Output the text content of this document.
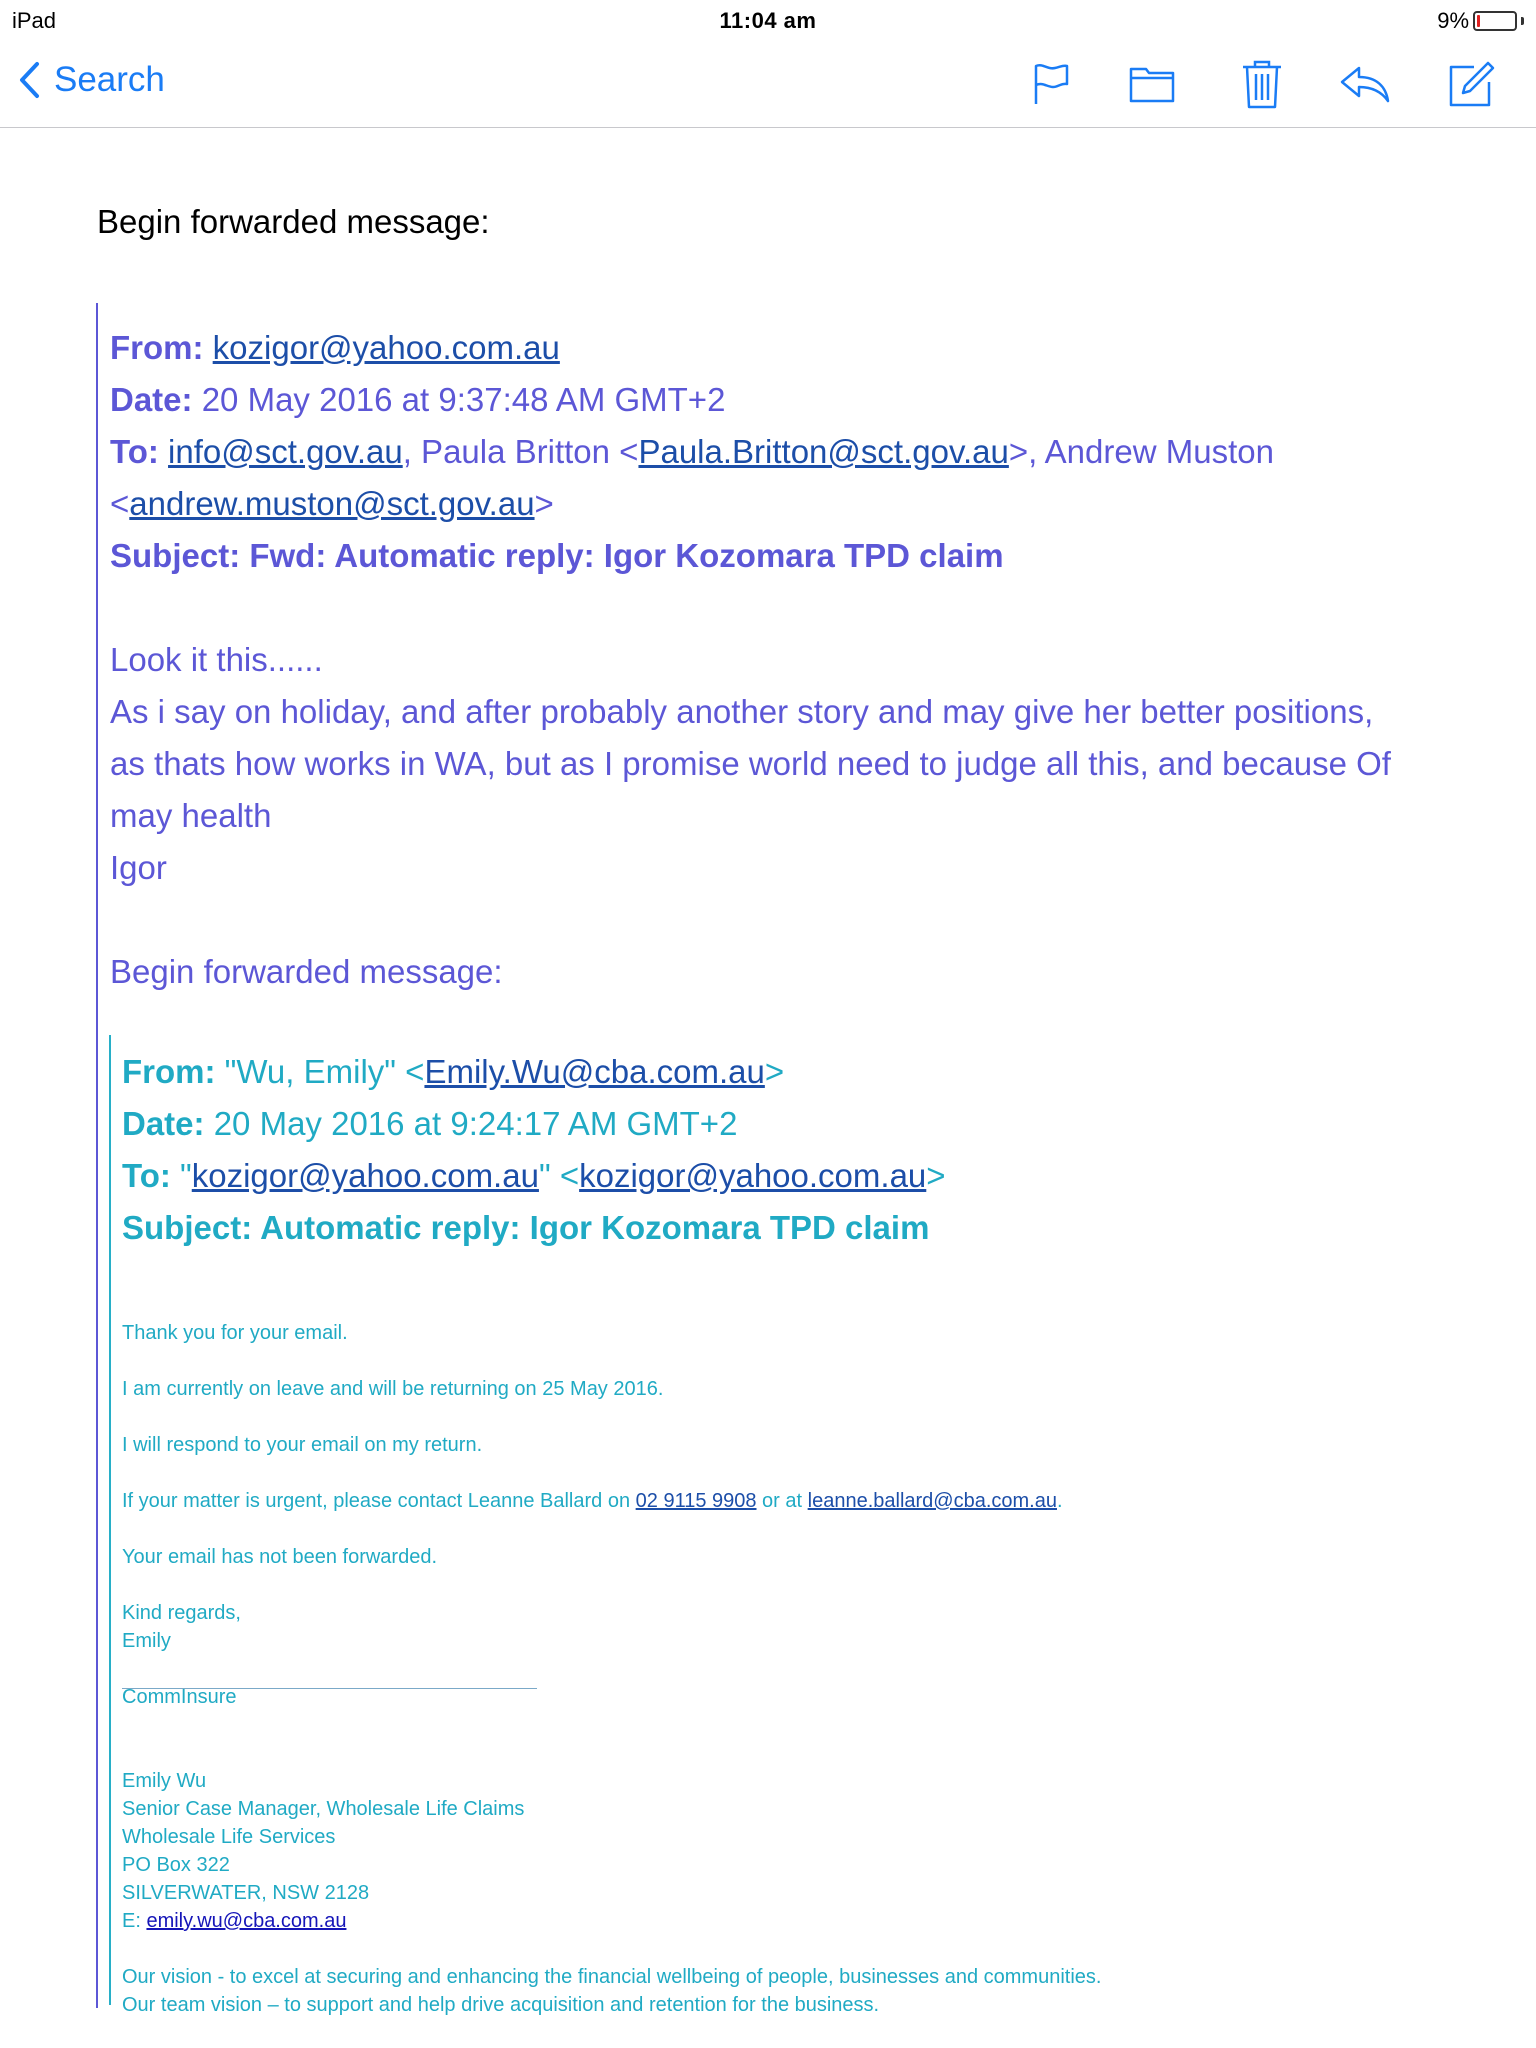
iPad	11:04 am	9%
Search
Begin forwarded message:
From: kozigor@yahoo.com.au
Date: 20 May 2016 at 9:37:48 AM GMT+2
To: info@sct.gov.au, Paula Britton <Paula.Britton@sct.gov.au>, Andrew Muston
<andrew.muston@sct.gov.au>
Subject: Fwd: Automatic reply: Igor Kozomara TPD claim
Look it this......
As i say on holiday, and after probably another story and may give her better positions,
as thats how works in WA, but as I promise world need to judge all this, and because Of
may health
Igor
Begin forwarded message:
From: "Wu, Emily" <Emily.Wu@cba.com.au>
Date: 20 May 2016 at 9:24:17 AM GMT+2
To: "kozigor@yahoo.com.au" <kozigor@yahoo.com.au>
Subject: Automatic reply: Igor Kozomara TPD claim
Thank you for your email.
I am currently on leave and will be returning on 25 May 2016.
I will respond to your email on my return.
If your matter is urgent, please contact Leanne Ballard on 02 9115 9908 or at leanne.ballard@cba.com.au.
Your email has not been forwarded.
Kind regards,
Emily
CommInsure
Emily Wu
Senior Case Manager, Wholesale Life Claims
Wholesale Life Services
PO Box 322
SILVERWATER, NSW 2128
E: emily.wu@cba.com.au
Our vision - to excel at securing and enhancing the financial wellbeing of people, businesses and communities.
Our team vision – to support and help drive acquisition and retention for the business.
